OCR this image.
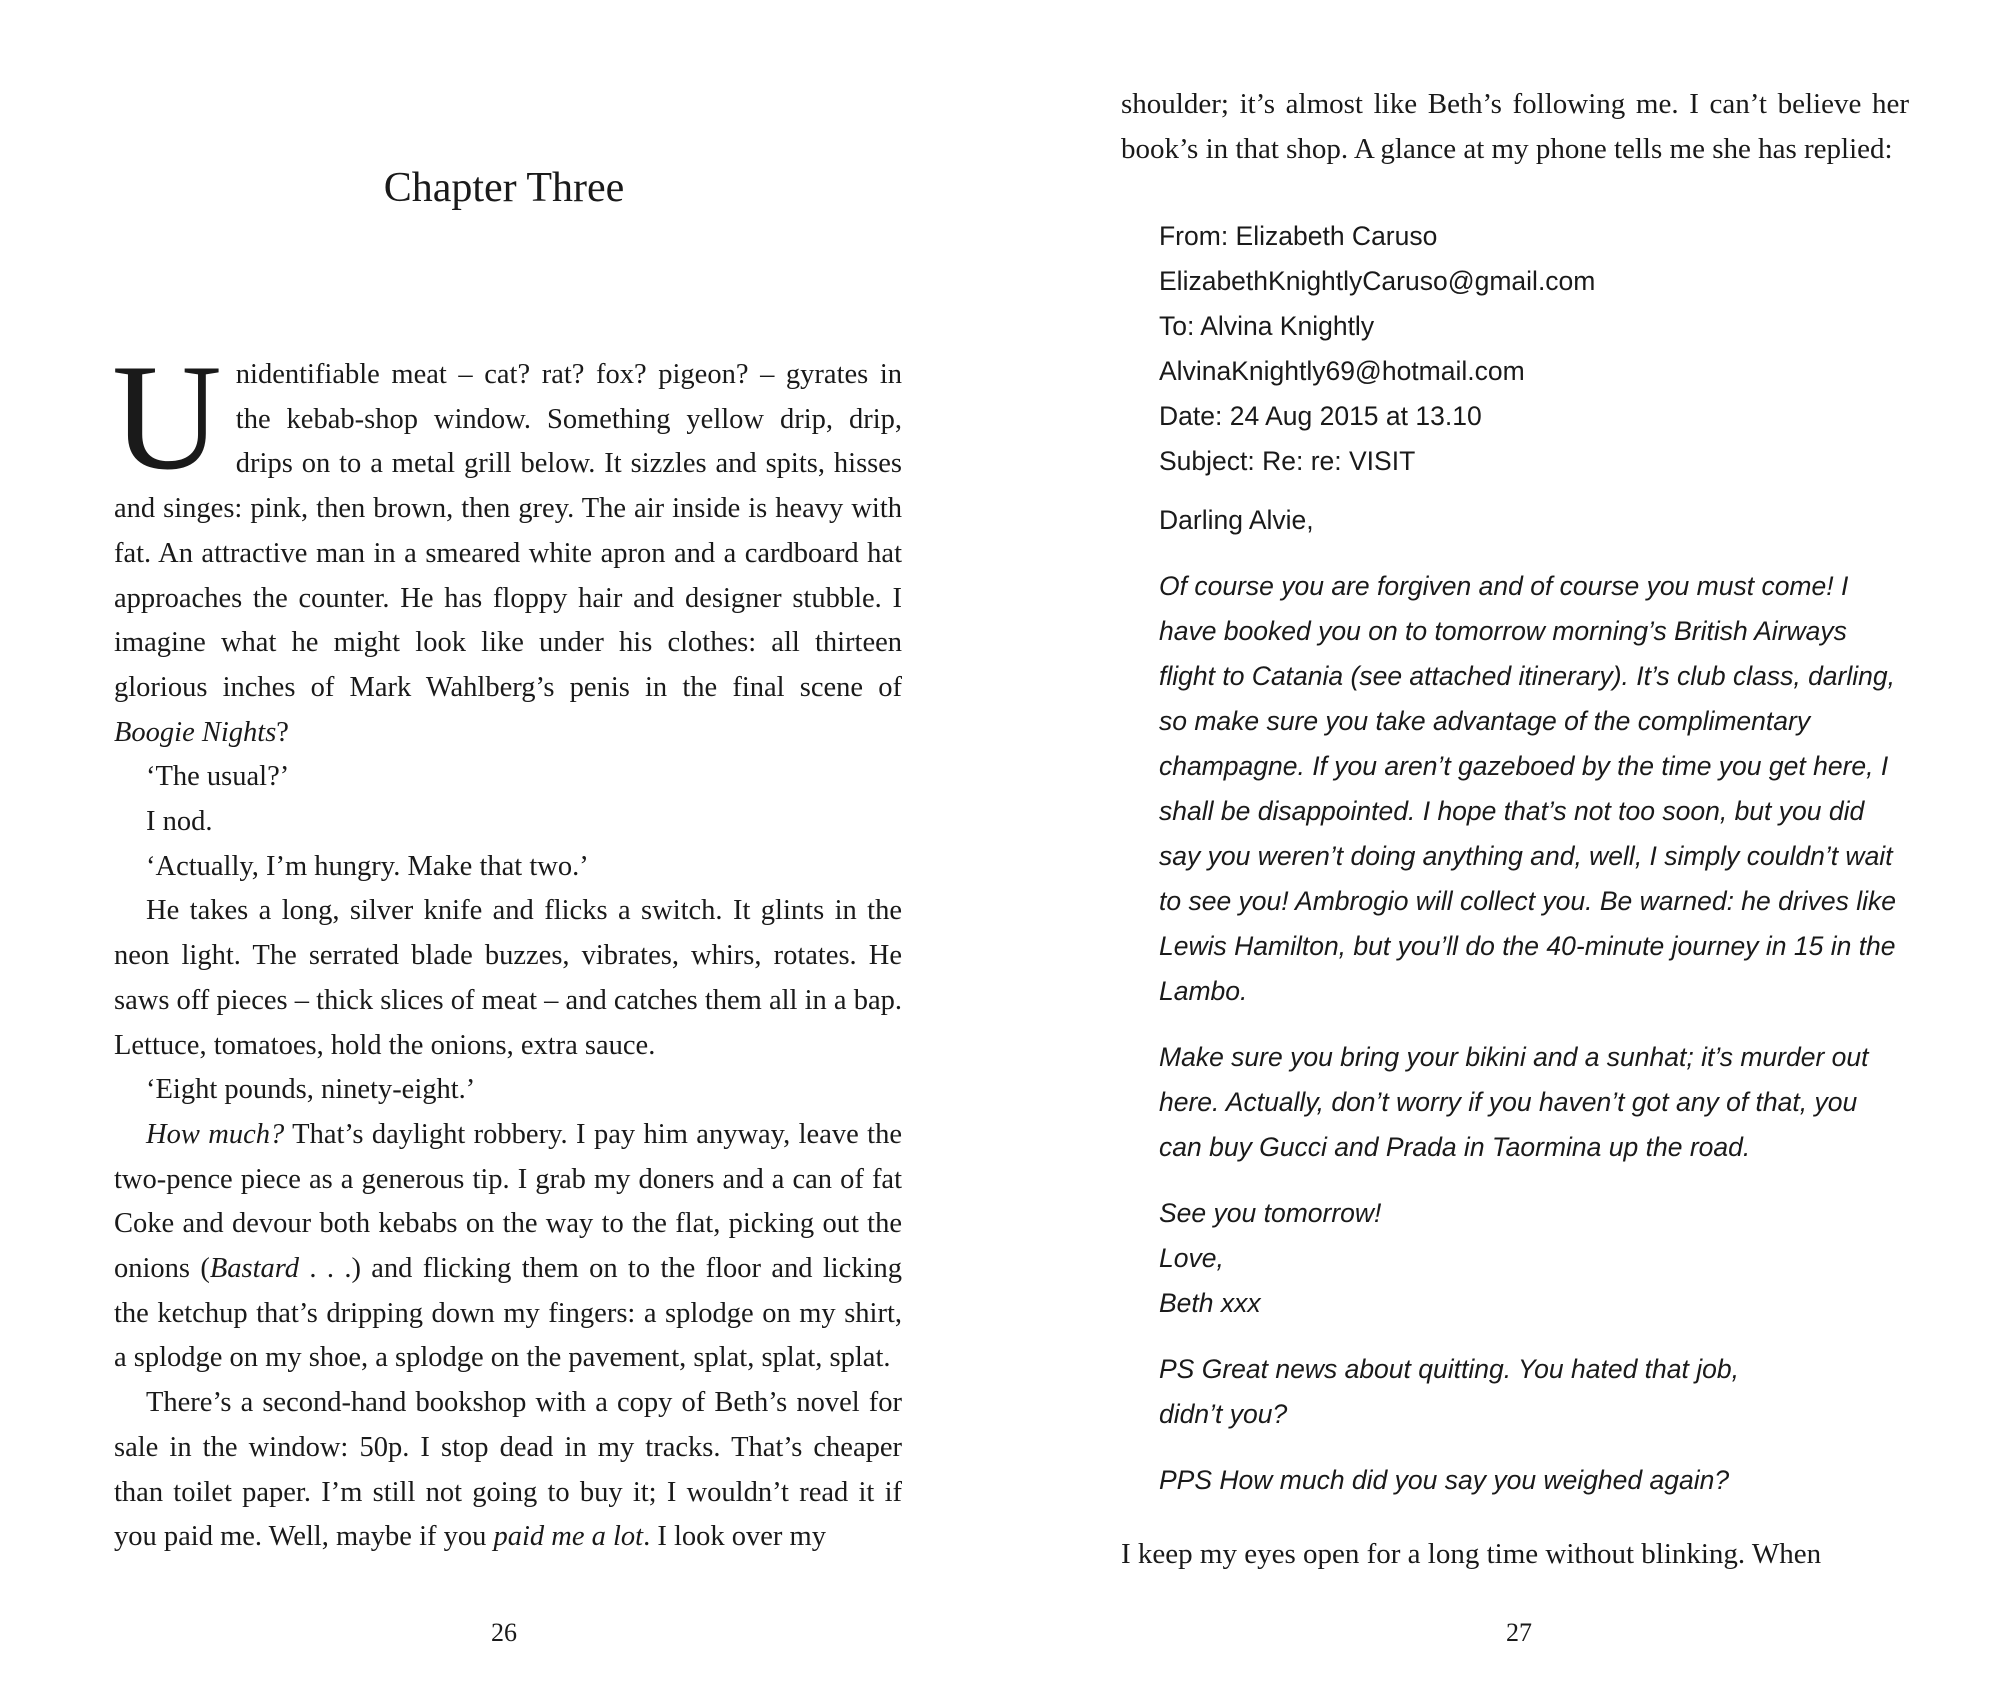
Chapter Three

Unidentifiable meat – cat? rat? fox? pigeon? – gyrates in the kebab-shop window. Something yellow drip, drip, drips on to a metal grill below. It sizzles and spits, hisses and singes: pink, then brown, then grey. The air inside is heavy with fat. An attractive man in a smeared white apron and a cardboard hat approaches the counter. He has floppy hair and designer stubble. I imagine what he might look like under his clothes: all thirteen glorious inches of Mark Wahlberg’s penis in the final scene of Boogie Nights?

‘The usual?’

I nod.

‘Actually, I’m hungry. Make that two.’

He takes a long, silver knife and flicks a switch. It glints in the neon light. The serrated blade buzzes, vibrates, whirs, rotates. He saws off pieces – thick slices of meat – and catches them all in a bap. Lettuce, tomatoes, hold the onions, extra sauce.

‘Eight pounds, ninety-eight.’

How much? That’s daylight robbery. I pay him anyway, leave the two-pence piece as a generous tip. I grab my doners and a can of fat Coke and devour both kebabs on the way to the flat, picking out the onions (Bastard . . .) and flicking them on to the floor and licking the ketchup that’s dripping down my fingers: a splodge on my shirt, a splodge on my shoe, a splodge on the pavement, splat, splat, splat.

There’s a second-hand bookshop with a copy of Beth’s novel for sale in the window: 50p. I stop dead in my tracks. That’s cheaper than toilet paper. I’m still not going to buy it; I wouldn’t read it if you paid me. Well, maybe if you paid me a lot. I look over my

26

shoulder; it’s almost like Beth’s following me. I can’t believe her book’s in that shop. A glance at my phone tells me she has replied:

From: Elizabeth Caruso
ElizabethKnightlyCaruso@gmail.com
To: Alvina Knightly
AlvinaKnightly69@hotmail.com
Date: 24 Aug 2015 at 13.10
Subject: Re: re: VISIT

Darling Alvie,

Of course you are forgiven and of course you must come! I have booked you on to tomorrow morning’s British Airways flight to Catania (see attached itinerary). It’s club class, darling, so make sure you take advantage of the complimentary champagne. If you aren’t gazeboed by the time you get here, I shall be disappointed. I hope that’s not too soon, but you did say you weren’t doing anything and, well, I simply couldn’t wait to see you! Ambrogio will collect you. Be warned: he drives like Lewis Hamilton, but you’ll do the 40-minute journey in 15 in the Lambo.

Make sure you bring your bikini and a sunhat; it’s murder out here. Actually, don’t worry if you haven’t got any of that, you can buy Gucci and Prada in Taormina up the road.

See you tomorrow!
Love,
Beth xxx

PS Great news about quitting. You hated that job, didn’t you?

PPS How much did you say you weighed again?

I keep my eyes open for a long time without blinking. When

27
